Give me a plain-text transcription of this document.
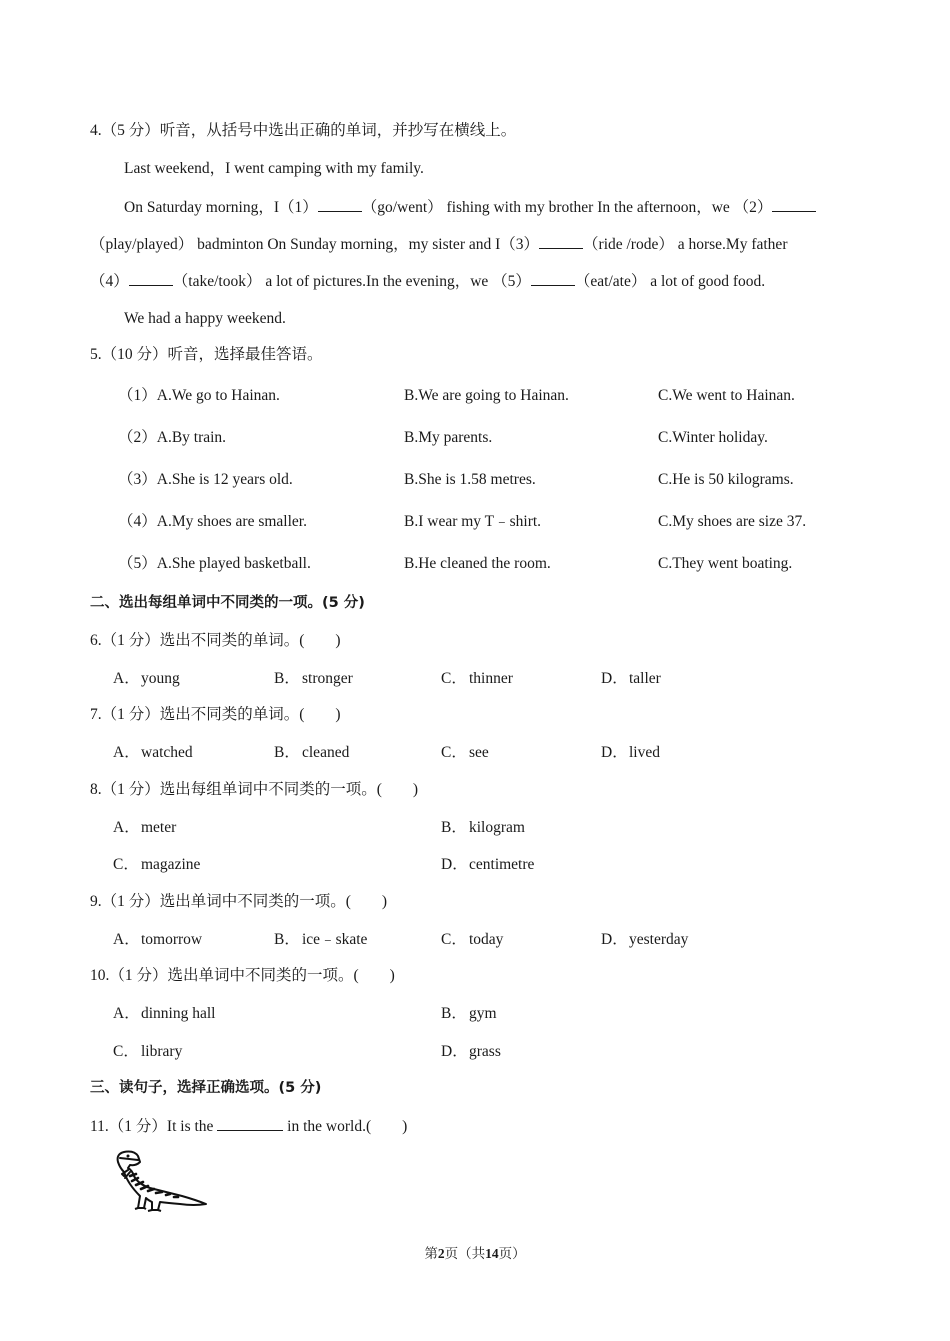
4.（5 分）听音，从括号中选出正确的单词，并抄写在横线上。
Last weekend，I went camping with my family.
On Saturday morning，I（1）	（go/went） fishing with my brother In the afternoon，we （2）
（play/played） badminton On Sunday morning，my sister and I（3）	（ride /rode） a horse.My father
（4）	（take/took） a lot of pictures.In the evening，we （5）	（eat/ate） a lot of good food.
We had a happy weekend.
5.（10 分）听音，选择最佳答语。
（1）A.We go to Hainan.	B.We are going to Hainan.	C.We went to Hainan.
（2）A.By train.	B.My parents.	C.Winter holiday.
（3）A.She is 12 years old.	B.She is 1.58 metres.	C.He is 50 kilograms.
（4）A.My shoes are smaller.	B.I wear my T﹣shirt.	C.My shoes are size 37.
（5）A.She played basketball.	B.He cleaned the room.	C.They went boating.
二、选出每组单词中不同类的一项。(5 分)
6.（1 分）选出不同类的单词。(　　)
A．young	B． stronger	C． thinner	D．taller
7.（1 分）选出不同类的单词。(　　)
A．watched	B． cleaned	C． see	D．lived
8.（1 分）选出每组单词中不同类的一项。(　　)
A．meter	B． kilogram
C． magazine	D．centimetre
9.（1 分）选出单词中不同类的一项。(　　)
A．tomorrow	B． ice﹣skate	C． today	D．yesterday
10.（1 分）选出单词中不同类的一项。(　　)
A．dinning hall	B． gym
C． library	D．grass
三、读句子，选择正确选项。(5 分)
11.（1 分）It is the	in the world.(　　)
第2页（共14页）
